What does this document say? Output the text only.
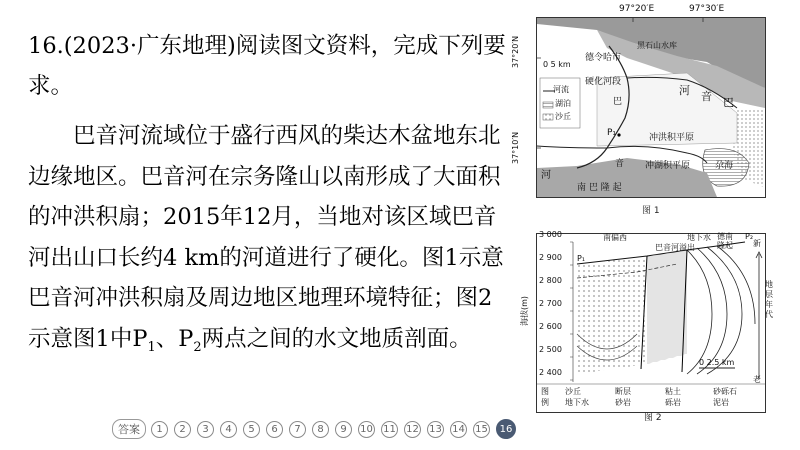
16.(2023·广东地理)阅读图文资料，完成下列要求。
巴音河流域位于盛行西风的柴达木盆地东北边缘地区。巴音河在宗务隆山以南形成了大面积的冲洪积扇；2015年12月，当地对该区域巴音河出山口长约4 km的河道进行了硬化。图1示意巴音河冲洪积扇及周边地区地理环境特征；图2示意图1中$P_1$、$P_2$两点之间的水文地质剖面。
97°20′E	97°30′E
37°20′N
37°10′N
0 5 km
河流
湖泊
沙丘
德令哈市
黑石山水库
硬化河段
河 音 巴
巴
音
河
P₁	冲洪积平原
冲湖积平原	尕海
南 巴 隆 起
图 1
3 000
2 900
2 800
2 700
2 600
2 500
2 400
海拔(m)
P₁
P₂
南偏西
巴音河溢出
地下水 德南隆起
0 2.5 km
新
老
地层年代
图
例
沙丘	断层	粘土	砂砾石
地下水	砂岩	砾岩	泥岩
图 2
答案	1	2	3	4	5	6	7	8	9	10 11 12 13 14 15	16
